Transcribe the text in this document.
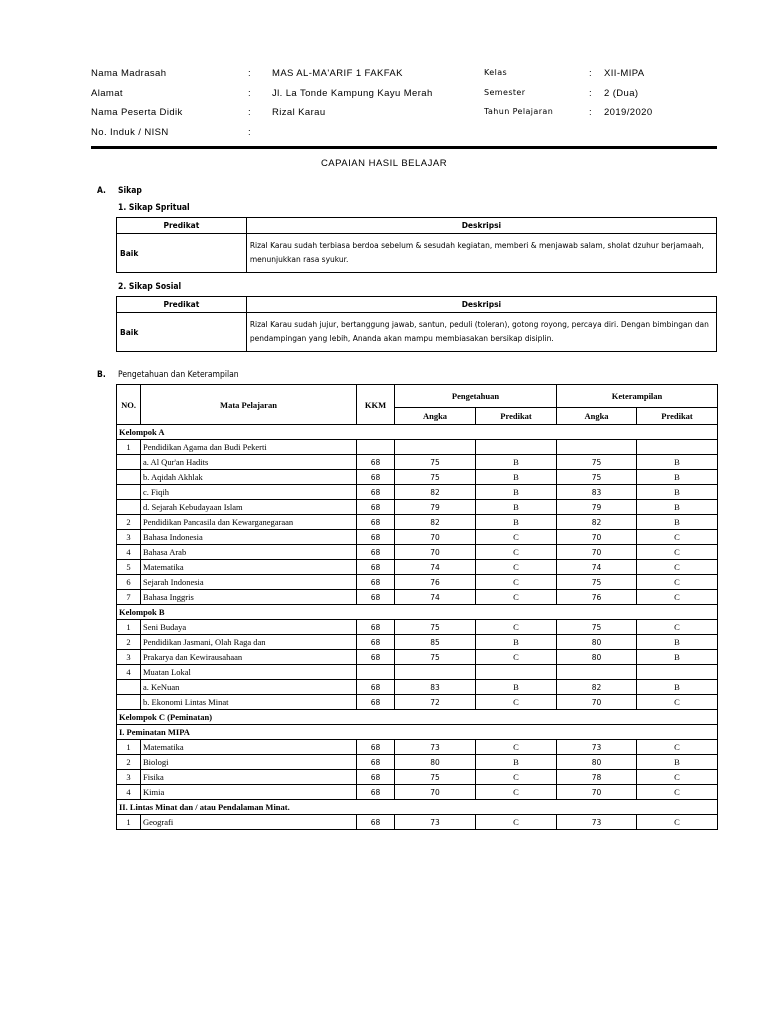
Nama Madrasah	: MAS AL-MA'ARIF 1 FAKFAK	Kelas	: XII-MIPA
Alamat	: Jl. La Tonde Kampung Kayu Merah	Semester	: 2 (Dua)
Nama Peserta Didik	: Rizal Karau	Tahun Pelajaran	: 2019/2020
No. Induk / NISN	:
CAPAIAN HASIL BELAJAR
A. Sikap
1. Sikap Spritual
Predikat	Deskripsi
Baik	Rizal Karau sudah terbiasa berdoa sebelum & sesudah kegiatan, memberi & menjawab salam, sholat dzuhur berjamaah, menunjukkan rasa syukur.
2. Sikap Sosial
Predikat	Deskripsi
Baik	Rizal Karau sudah jujur, bertanggung jawab, santun, peduli (toleran), gotong royong, percaya diri. Dengan bimbingan dan pendampingan yang lebih, Ananda akan mampu membiasakan bersikap disiplin.
B. Pengetahuan dan Keterampilan
NO.	Mata Pelajaran	KKM	Pengetahuan		Keterampilan	
			Angka	Predikat	Angka	Predikat
Kelompok A						
1	Pendidikan Agama dan Budi Pekerti					
	a. Al Qur'an Hadits	68	75	B	75	B
	b. Aqidah Akhlak	68	75	B	75	B
	c. Fiqih	68	82	B	83	B
	d. Sejarah Kebudayaan Islam	68	79	B	79	B
2	Pendidikan Pancasila dan Kewarganegaraan	68	82	B	82	B
3	Bahasa Indonesia	68	70	C	70	C
4	Bahasa Arab	68	70	C	70	C
5	Matematika	68	74	C	74	C
6	Sejarah Indonesia	68	76	C	75	C
7	Bahasa Inggris	68	74	C	76	C
Kelompok B						
1	Seni Budaya	68	75	C	75	C
2	Pendidikan Jasmani, Olah Raga dan	68	85	B	80	B
3	Prakarya dan Kewirausahaan	68	75	C	80	B
4	Muatan Lokal					
	a. KeNuan	68	83	B	82	B
	b. Ekonomi Lintas Minat	68	72	C	70	C
Kelompok C (Peminatan)						
I. Peminatan MIPA						
1	Matematika	68	73	C	73	C
2	Biologi	68	80	B	80	B
3	Fisika	68	75	C	78	C
4	Kimia	68	70	C	70	C
II. Lintas Minat dan / atau Pendalaman Minat.						
1	Geografi	68	73	C	73	C
